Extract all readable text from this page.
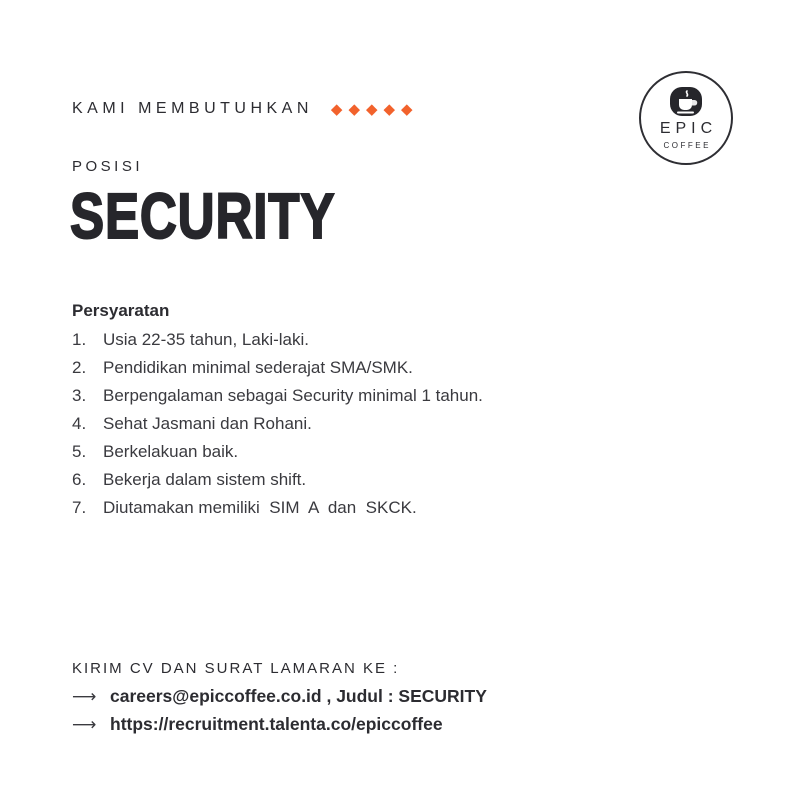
KAMI MEMBUTUHKAN ◆◆◆◆◆
EPIC
COFFEE
POSISI
SECURITY
Persyaratan
1. Usia 22-35 tahun, Laki-laki.
2. Pendidikan minimal sederajat SMA/SMK.
3. Berpengalaman sebagai Security minimal 1 tahun.
4. Sehat Jasmani dan Rohani.
5. Berkelakuan baik.
6. Bekerja dalam sistem shift.
7. Diutamakan memiliki  SIM  A  dan  SKCK.
KIRIM CV DAN SURAT LAMARAN KE :
⟶ careers@epiccoffee.co.id , Judul : SECURITY
⟶ https://recruitment.talenta.co/epiccoffee
